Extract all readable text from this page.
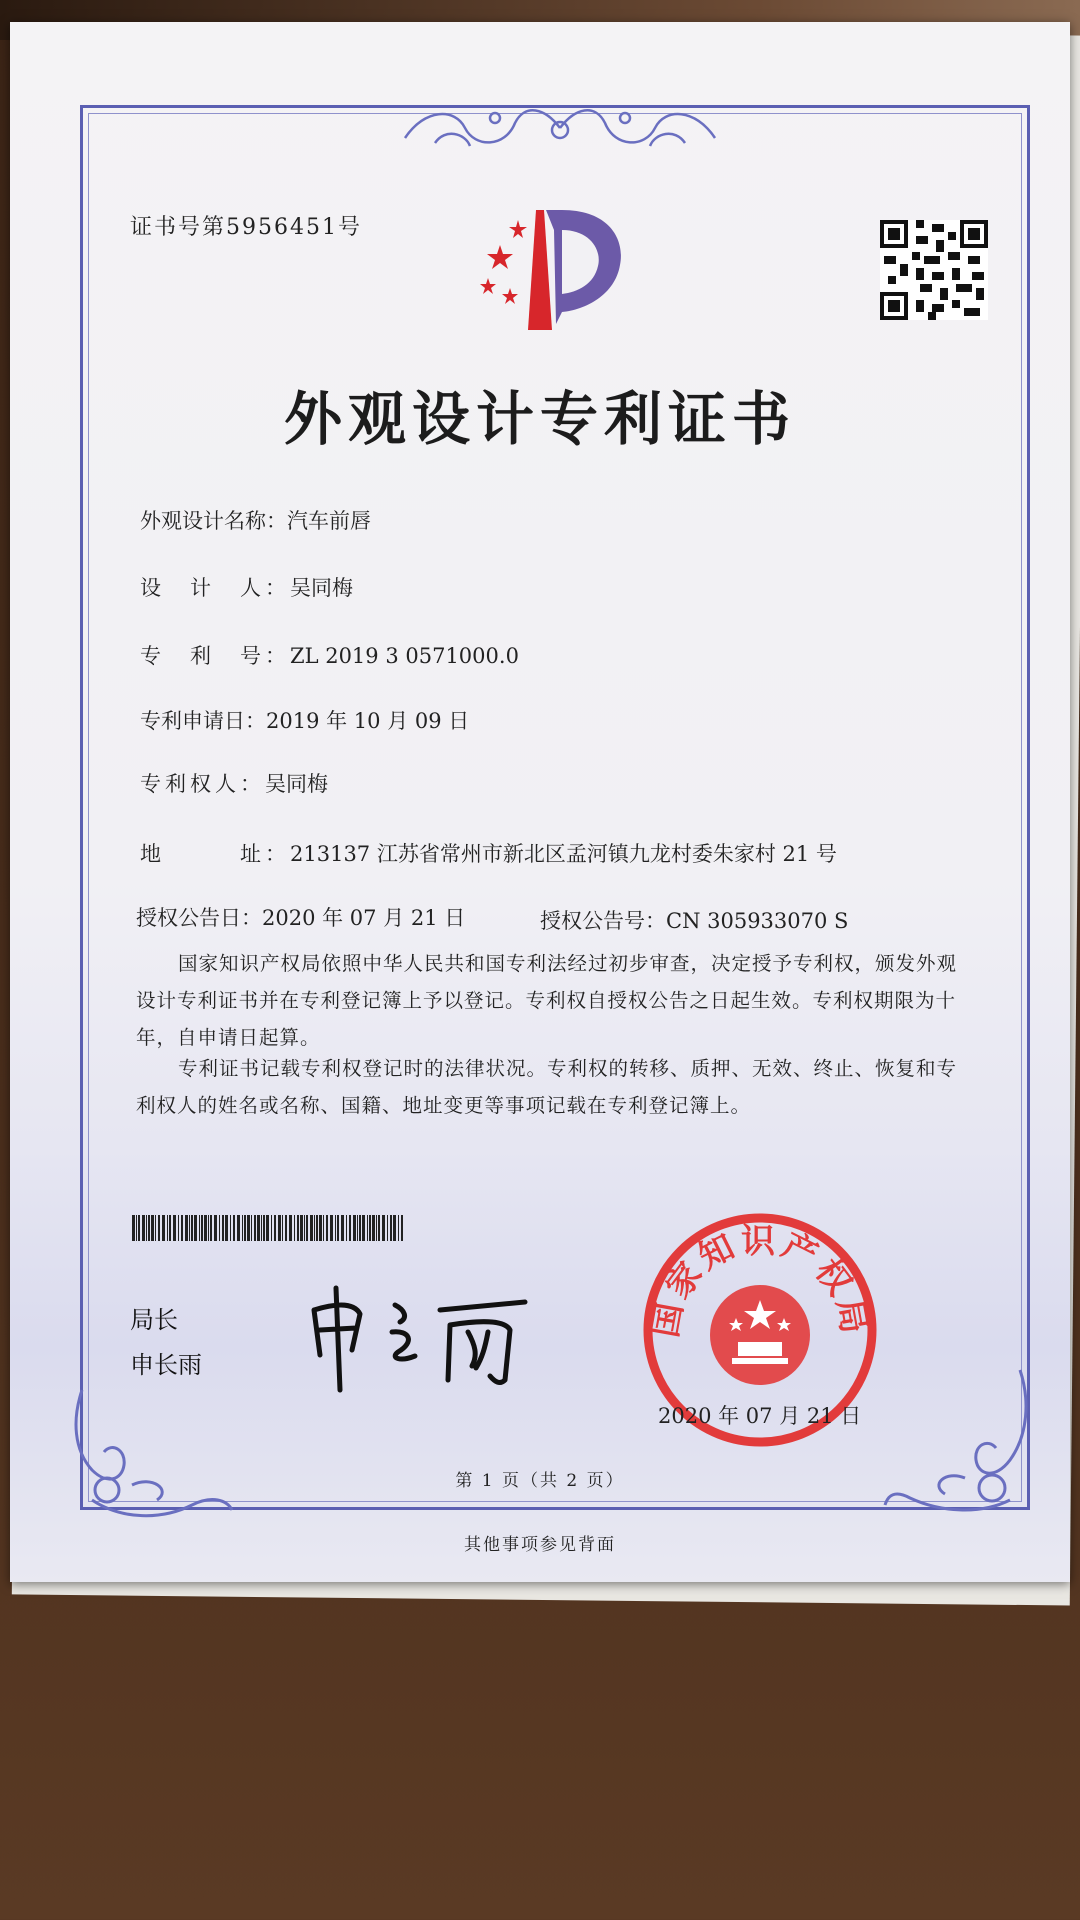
证书号第5956451号
外观设计专利证书
外观设计名称：汽车前唇
设　计　人：吴同梅
专　利　号：ZL 2019 3 0571000.0
专利申请日：2019 年 10 月 09 日
专利权人：吴同梅
地　　　址：213137 江苏省常州市新北区孟河镇九龙村委朱家村 21 号
授权公告日：2020 年 07 月 21 日	授权公告号：CN 305933070 S
国家知识产权局依照中华人民共和国专利法经过初步审查，决定授予专利权，颁发外观设计专利证书并在专利登记簿上予以登记。专利权自授权公告之日起生效。专利权期限为十年，自申请日起算。
专利证书记载专利权登记时的法律状况。专利权的转移、质押、无效、终止、恢复和专利权人的姓名或名称、国籍、地址变更等事项记载在专利登记簿上。
局长
申长雨
国家知识产权局
2020 年 07 月 21 日
第 1 页（共 2 页）
其他事项参见背面
